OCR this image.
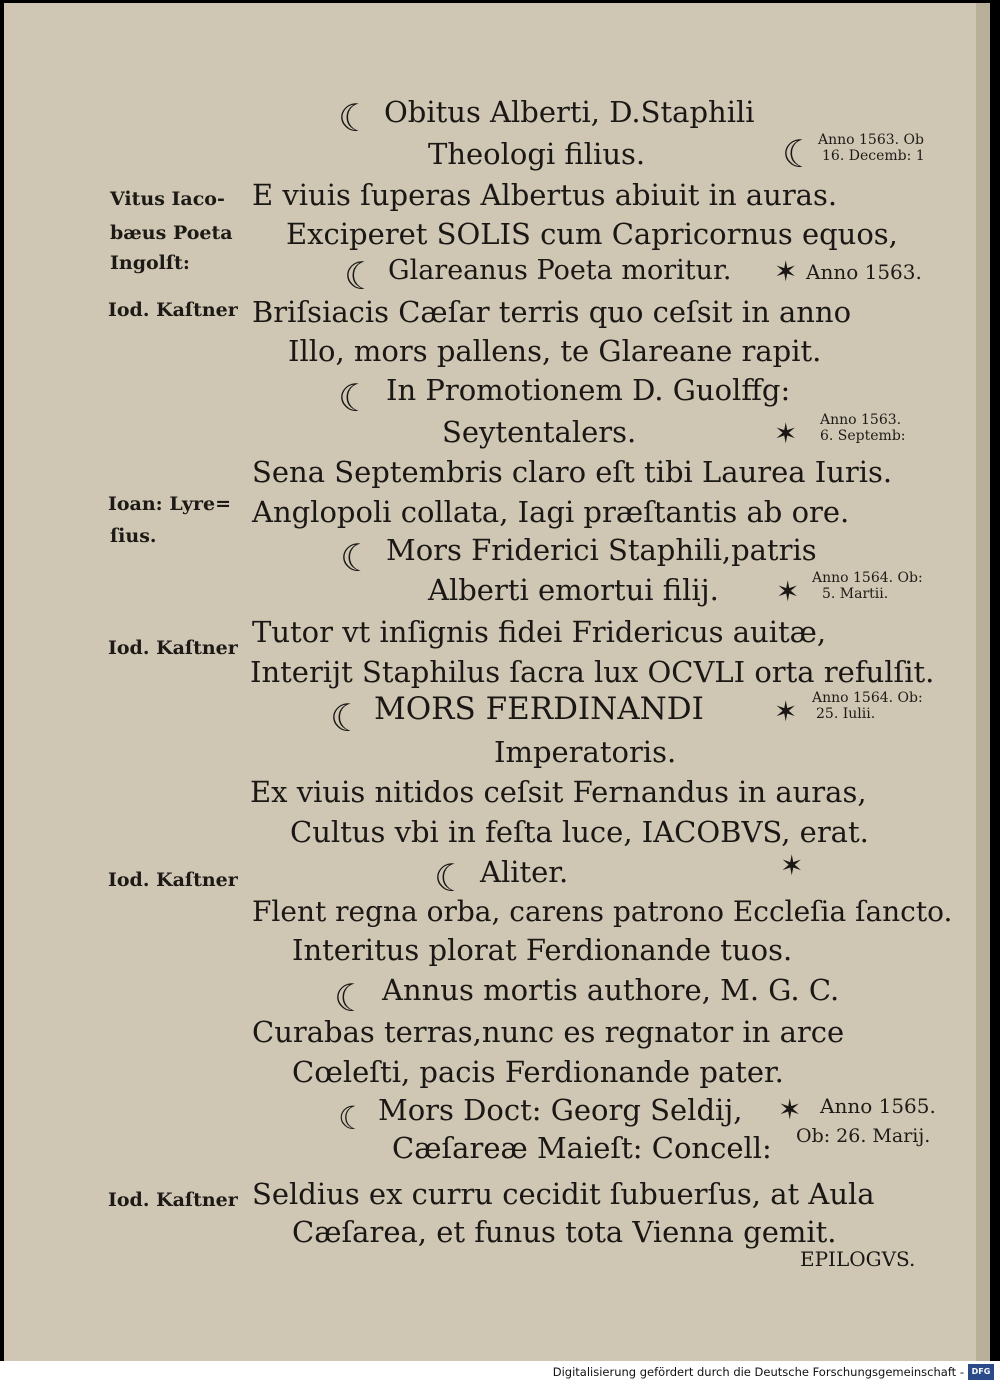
☾ Obitus Alberti, D.Staphili
Theologi filius.	☾ Anno 1563. Ob
16. Decemb: 1
Vitus Iaco-
bæus Poeta
Ingolſt:
E viuis ſuperas Albertus abiuit in auras.
Exciperet SOLIS cum Capricornus equos,
☾ Glareanus Poeta moritur. ✶ Anno 1563.
Iod. Kaſtner Briſsiacis Cæſar terris quo ceſsit in anno
Illo, mors pallens, te Glareane rapit.
☾ In Promotionem D. Guolffg:
Seytentalers.	✶ Anno 1563.
6. Septemb:
Sena Septembris claro eſt tibi Laurea Iuris.
Ioan: Lyre=
ſius.
Anglopoli collata, Iagi præſtantis ab ore.
☾ Mors Friderici Staphili,patris
Alberti emortui filij. ✶ Anno 1564. Ob:
5. Martii.
Iod. Kaſtner Tutor vt inſignis fidei Fridericus auitæ,
Interijt Staphilus ſacra lux OCVLI orta refulſit.
☾ MORS FERDINANDI	✶ Anno 1564. Ob:
25. Iulii.
Imperatoris.
Ex viuis nitidos ceſsit Fernandus in auras,
Cultus vbi in feſta luce, IACOBVS, erat.
Iod. Kaſtner	☾ Aliter.	✶
Flent regna orba, carens patrono Eccleſia ſancto.
Interitus plorat Ferdionande tuos.
☾ Annus mortis authore, M. G. C.
Curabas terras,nunc es regnator in arce
Cœleſti, pacis Ferdionande pater.
☾ Mors Doct: Georg Seldij, ✶ Anno 1565.
Cæſareæ Maieſt: Concell: Ob: 26. Marij.
Iod. Kaſtner Seldius ex curru cecidit ſubuerſus, at Aula
Cæſarea, et funus tota Vienna gemit.
EPILOGVS.
Digitalisierung gefördert durch die Deutsche Forschungsgemeinschaft - DFG
